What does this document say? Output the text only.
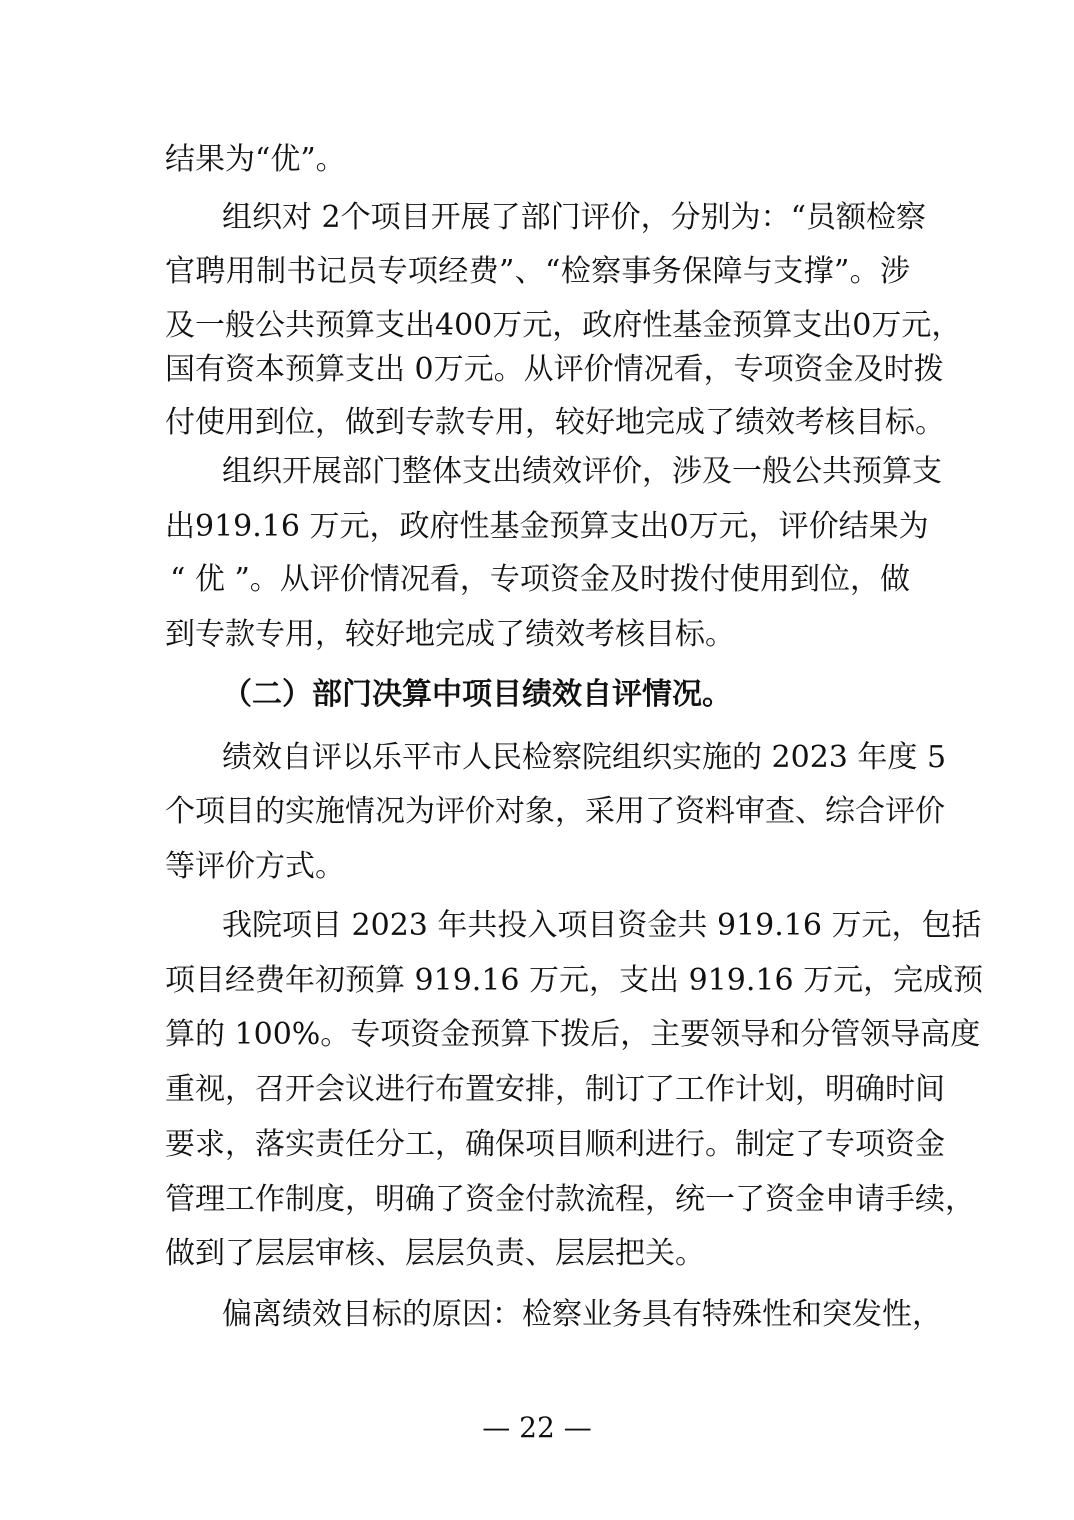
结果为“优”。
组织对 2个项目开展了部门评价，分别为：“员额检察
官聘用制书记员专项经费”、“检察事务保障与支撑”。涉
及一般公共预算支出400万元，政府性基金预算支出0万元，
国有资本预算支出 0万元。从评价情况看，专项资金及时拨
付使用到位，做到专款专用，较好地完成了绩效考核目标。
组织开展部门整体支出绩效评价，涉及一般公共预算支
出919.16 万元，政府性基金预算支出0万元，评价结果为
“ 优 ”。从评价情况看，专项资金及时拨付使用到位，做
到专款专用，较好地完成了绩效考核目标。
（二）部门决算中项目绩效自评情况。
绩效自评以乐平市人民检察院组织实施的 2023 年度 5
个项目的实施情况为评价对象，采用了资料审查、综合评价
等评价方式。
我院项目 2023 年共投入项目资金共 919.16 万元，包括
项目经费年初预算 919.16 万元，支出 919.16 万元，完成预
算的 100%。专项资金预算下拨后，主要领导和分管领导高度
重视，召开会议进行布置安排，制订了工作计划，明确时间
要求，落实责任分工，确保项目顺利进行。制定了专项资金
管理工作制度，明确了资金付款流程，统一了资金申请手续，
做到了层层审核、层层负责、层层把关。
偏离绩效目标的原因：检察业务具有特殊性和突发性，
— 22 —
